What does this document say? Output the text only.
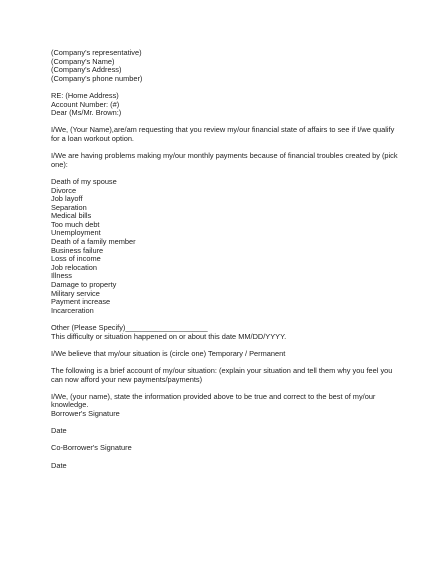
(Company's representative)
(Company's Name)
(Company's Address)
(Company's phone number)
RE: (Home Address)
Account Number: (#)
Dear (Ms/Mr. Brown:)
I/We, (Your Name),are/am requesting that you review my/our financial state of affairs to see if I/we qualify for a loan workout option.
I/We are having problems making my/our monthly payments because of financial troubles created by (pick one):
Death of my spouse
Divorce
Job layoff
Separation
Medical bills
Too much debt
Unemployment
Death of a family member
Business failure
Loss of income
Job relocation
Illness
Damage to property
Military service
Payment increase
Incarceration
Other (Please Specify)____________________
This difficulty or situation happened on or about this date MM/DD/YYYY.
I/We believe that my/our situation is (circle one) Temporary / Permanent
The following is a brief account of my/our situation: (explain your situation and tell them why you feel you can now afford your new payments/payments)
I/We, (your name), state the information provided above to be true and correct to the best of my/our knowledge.
Borrower's Signature
Date
Co-Borrower's Signature
Date
